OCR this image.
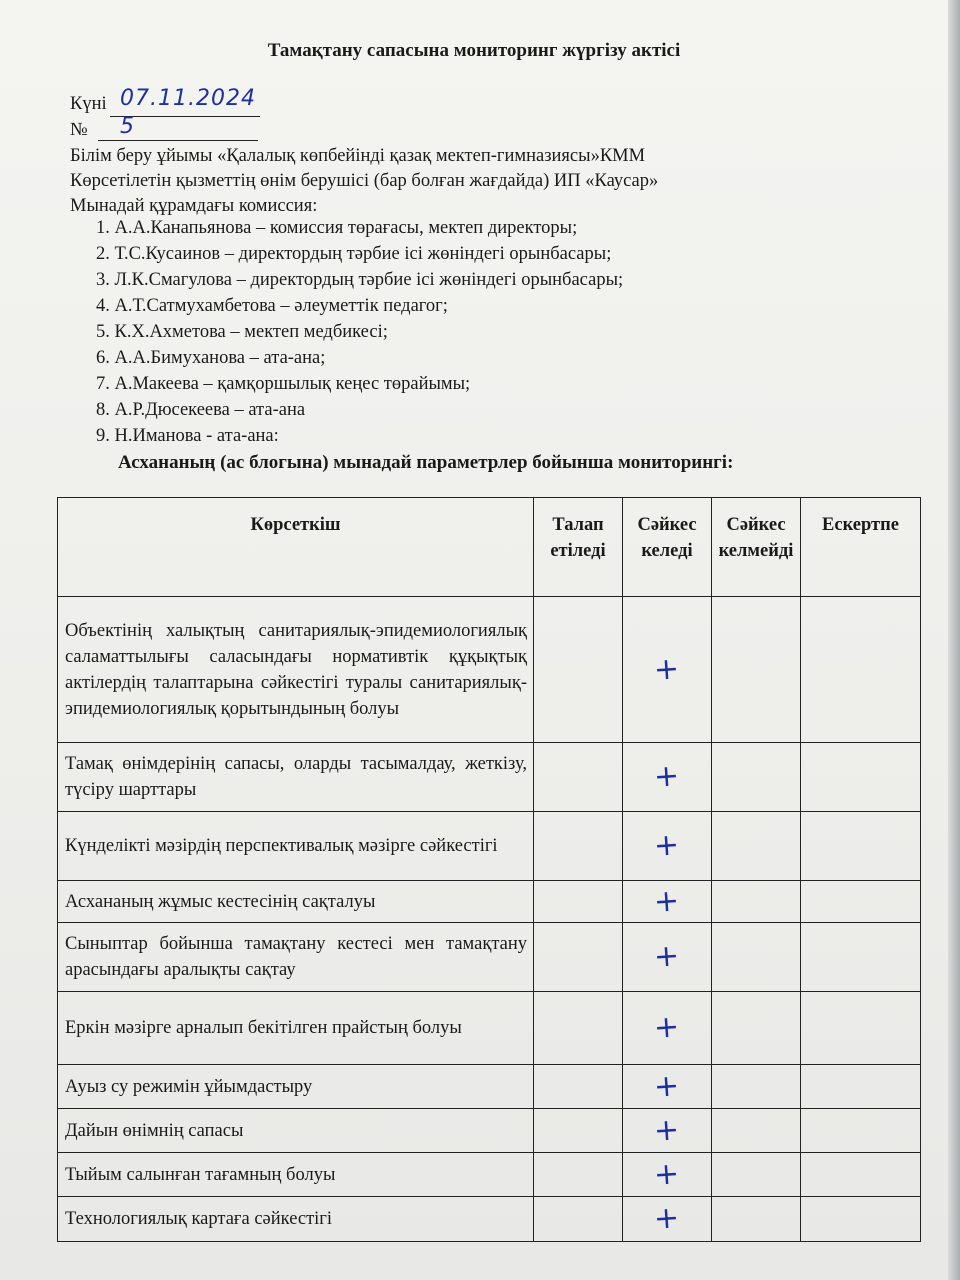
Тамақтану сапасына мониторинг жүргізу актісі
Күні 07.11.2024
№ 5
Білім беру ұйымы «Қалалық көпбейінді қазақ мектеп-гимназиясы»КММ
Көрсетілетін қызметтің өнім берушісі (бар болған жағдайда) ИП «Каусар»
Мынадай құрамдағы комиссия:
1. А.А.Канапьянова – комиссия төрағасы, мектеп директоры;
2. Т.С.Кусаинов – директордың тәрбие ісі жөніндегі орынбасары;
3. Л.К.Смагулова – директордың тәрбие ісі жөніндегі орынбасары;
4. А.Т.Сатмухамбетова – әлеуметтік педагог;
5. К.Х.Ахметова – мектеп медбикесі;
6. А.А.Бимуханова – ата-ана;
7. А.Макеева – қамқоршылық кеңес төрайымы;
8. А.Р.Дюсекеева – ата-ана
9. Н.Иманова - ата-ана:
Асхананың (ас блогына) мынадай параметрлер бойынша мониторингі:
Көрсеткіш	Талап етіледі	Сәйкес келеді	Сәйкес келмейді	Ескертпе
Объектінің халықтың санитариялық-эпидемиологиялық саламаттылығы саласындағы нормативтік құқықтық актілердің талаптарына сәйкестігі туралы санитариялық-эпидемиологиялық қорытындының болуы		+		
Тамақ өнімдерінің сапасы, оларды тасымалдау, жеткізу, түсіру шарттары		+		
Күнделікті мәзірдің перспективалық мәзірге сәйкестігі		+		
Асхананың жұмыс кестесінің сақталуы		+		
Сыныптар бойынша тамақтану кестесі мен тамақтану арасындағы аралықты сақтау		+		
Еркін мәзірге арналып бекітілген прайстың болуы		+		
Ауыз су режимін ұйымдастыру		+		
Дайын өнімнің сапасы		+		
Тыйым салынған тағамның болуы		+		
Технологиялық картаға сәйкестігі		+		
